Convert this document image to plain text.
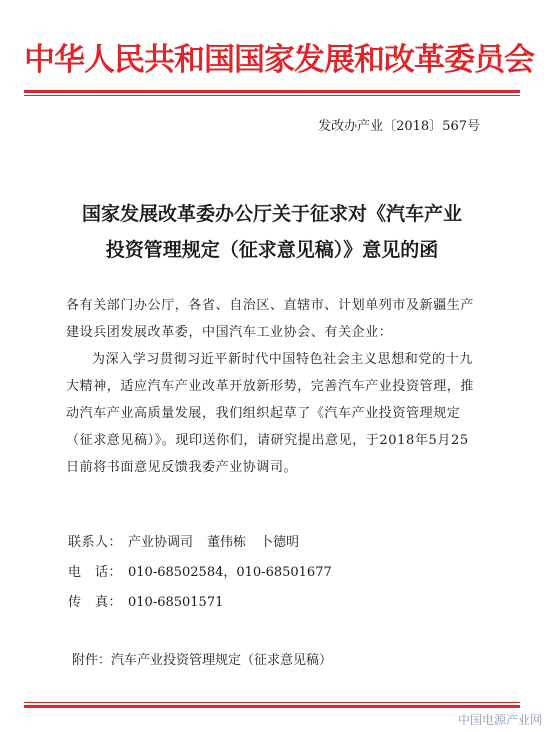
中华人民共和国国家发展和改革委员会
发改办产业〔2018〕567号
国家发展改革委办公厅关于征求对《汽车产业
投资管理规定（征求意见稿）》意见的函
各有关部门办公厅，各省、自治区、直辖市、计划单列市及新疆生产建设兵团发展改革委，中国汽车工业协会、有关企业：
为深入学习贯彻习近平新时代中国特色社会主义思想和党的十九大精神，适应汽车产业改革开放新形势，完善汽车产业投资管理，推动汽车产业高质量发展，我们组织起草了《汽车产业投资管理规定（征求意见稿）》。现印送你们，请研究提出意见，于2018年5月25日前将书面意见反馈我委产业协调司。
联系人： 产业协调司 董伟栋 卜德明
电　话： 010-68502584，010-68501677
传　真： 010-68501571
附件：汽车产业投资管理规定（征求意见稿）
中国电源产业网
